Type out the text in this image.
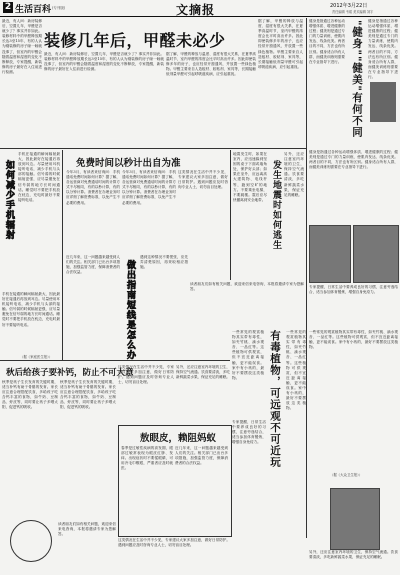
2 生活百科 (专刊版)	文摘报	2012年3月22日
责任编辑 韦昭 美术编辑 刘宇
最近，有人问：新房装修后，空置几年，甲醛是否就少了？事实并非如此。装修材料中的甲醛释放期长达3至15年，有的人认为刚装修的房子晾一晾就没事了，但室内的甲醛会随着温度和湿度的变化不断释放，专家提醒，新装修的房子最好在入住前进行检测。
装修几年后，甲醛未必少
最近，有人问：新房装修后，空置几年，甲醛是否就少了？事实并非如此。装修材料中的甲醛释放期长达3至15年，有的人认为刚装修的房子晾一晾就没事了，但室内的甲醛会随着温度和湿度的变化不断释放，专家提醒，新装修的房子最好在入住前进行检测。
据了解，甲醛的释放与温度、湿度有很大关系，在夏季高温时节，室内甲醛的浓度会比平时高出许多。因此即使装修多年的房子，也应经常开窗通风，并放置一些绿色植物。甲醛主要来自人造板材、胶粘剂、家具等，长期接触低剂量甲醛可引起呼吸道疾病，应引起重视。
据了解，甲醛的释放与温度、湿度有很大关系，在夏季高温时节，室内甲醛的浓度会比平时高出许多。因此即使装修多年的房子，也应经常开窗通风，并放置一些绿色植物。甲醛主要来自人造板材、胶粘剂、家具等，长期接触低剂量甲醛可引起呼吸道疾病，应引起重视。
健身是指通过各种运动增强体质、增进健康的过程；健美则是通过专门的力量训练，使肌肉发达、线条优美。两者目的不同，方法也有所区别。健身适合所有人群，而健美训练则需要在专业指导下进行。 "健身""健美"有何不同	健身是指通过各种运动增强体质、增进健康的过程；健美则是通过专门的力量训练，使肌肉发达、线条优美。两者目的不同，方法也有所区别。健身适合所有人群，而健美训练则需要在专业指导下进行。
健身是指通过各种运动增强体质、增进健康的过程；健美则是通过专门的力量训练，使肌肉发达、线条优美。两者目的不同，方法也有所区别。健身适合所有人群，而健美训练则需要在专业指导下进行。
如何减少手机辐射
手机在接通的瞬间辐射最大，因此最好在接通后再放到耳边。尽量使用耳机接听电话，减少手机与头部的接触。信号弱的时候辐射更强，应尽量避免在信号弱的地方长时间通话。睡觉时不要把手机放在枕边，充电时最好不要接听电话。
手机在接通的瞬间辐射最大，因此最好在接通后再放到耳边。尽量使用耳机接听电话，减少手机与头部的接触。信号弱的时候辐射更强，应尽量避免在信号弱的地方长时间通话。睡觉时不要把手机放在枕边，充电时最好不要接听电话。
（据《家庭医生报》）
免费时间以秒计出自为准
今年3月，有读者来信询问：手机通话免费时间如何计算？据了解，各运营商对免费通话时间的计算方式不尽相同，有的以秒计算，有的以分钟计算。消费者在办理业务时应详细了解资费标准，以免产生不必要的费用。
今年3月，有读者来信询问：手机通话免费时间如何计算？据了解，各运营商对免费通话时间的计算方式不尽相同，有的以秒计算，有的以分钟计算。消费者在办理业务时应详细了解资费标准，以免产生不必要的费用。
这类情况在生活中并不少见，专家建议大家多加注意，做好日常防护。遇到问题应及时咨询专业人士，切勿盲目处理。
地震发生时，如果在室内，应迅速躲到坚固的桌子下面或墙角处，保护好头部；如果在室外，应远离高大建筑物、电线杆等，跑到空旷的地方。不要乘坐电梯，不要跳楼。震后应尽快撤离到安全地带。 发生地震时如何逃生
另外，还应注意室内环境的卫生，保持空气流通。饮食要清淡，多吃新鲜蔬菜水果，保证充足的睡眠。
近几年来，这一问题越来越受到人们的关注。相关部门已出台多项措施，加强监管力度，保障消费者的合法权益。	做出指南短线是怎么办
遇到这种情况不要慌张，应先弄清楚原因，再采取相应措施。
读者朋友们如有相关问题，欢迎来信来电咨询，本报将邀请专家为您解答。
专家提醒，日常生活中要养成良好的习惯，注意劳逸结合，适当参加体育锻炼，增强自身免疫力。
一些常见的观赏植物其实带有毒性，如夹竹桃、滴水观音、一品红等。这些植物可供观赏，但不宜近距离接触，更不能误食。家中有小孩的，最好不要摆放这类植物。	有毒植物，可远观不可近玩	一些常见的观赏植物其实带有毒性，如夹竹桃、滴水观音、一品红等。这些植物可供观赏，但不宜近距离接触，更不能误食。家中有小孩的，最好不要摆放这类植物。
一些常见的观赏植物其实带有毒性，如夹竹桃、滴水观音、一品红等。这些植物可供观赏，但不宜近距离接触，更不能误食。家中有小孩的，最好不要摆放这类植物。
（据《大众卫生报》）
秋后给孩子要补钙，防止不可大意
秋季是孩子生长发育的关键时期，适当补钙有助于骨骼的发育。家长应注意合理搭配饮食，多给孩子吃含钙丰富的食物，如牛奶、豆制品、虾皮等，同时要让孩子多晒太阳，促进钙的吸收。
秋季是孩子生长发育的关键时期，适当补钙有助于骨骼的发育。家长应注意合理搭配饮食，多给孩子吃含钙丰富的食物，如牛奶、豆制品、虾皮等，同时要让孩子多晒太阳，促进钙的吸收。
这类情况在生活中并不少见，专家建议大家多加注意，做好日常防护。遇到问题应及时咨询专业人士，切勿盲目处理。
另外，还应注意室内环境的卫生，保持空气流通。饮食要清淡，多吃新鲜蔬菜水果，保证充足的睡眠。
敖眼皮，赖阻妈蚁
春季是过敏性疾病的高发期，眼部过敏常表现为眼皮红肿、发痒。出现症状时不要揉眼睛，可用冷毛巾敷眼，严重者应及时就医。
近几年来，这一问题越来越受到人们的关注。相关部门已出台多项措施，加强监管力度，保障消费者的合法权益。
读者朋友们如有相关问题，欢迎来信来电咨询，本报将邀请专家为您解答。
专家提醒，日常生活中要养成良好的习惯，注意劳逸结合，适当参加体育锻炼，增强自身免疫力。
这类情况在生活中并不少见，专家建议大家多加注意，做好日常防护。遇到问题应及时咨询专业人士，切勿盲目处理。
另外，还应注意室内环境的卫生，保持空气流通。饮食要清淡，多吃新鲜蔬菜水果，保证充足的睡眠。
